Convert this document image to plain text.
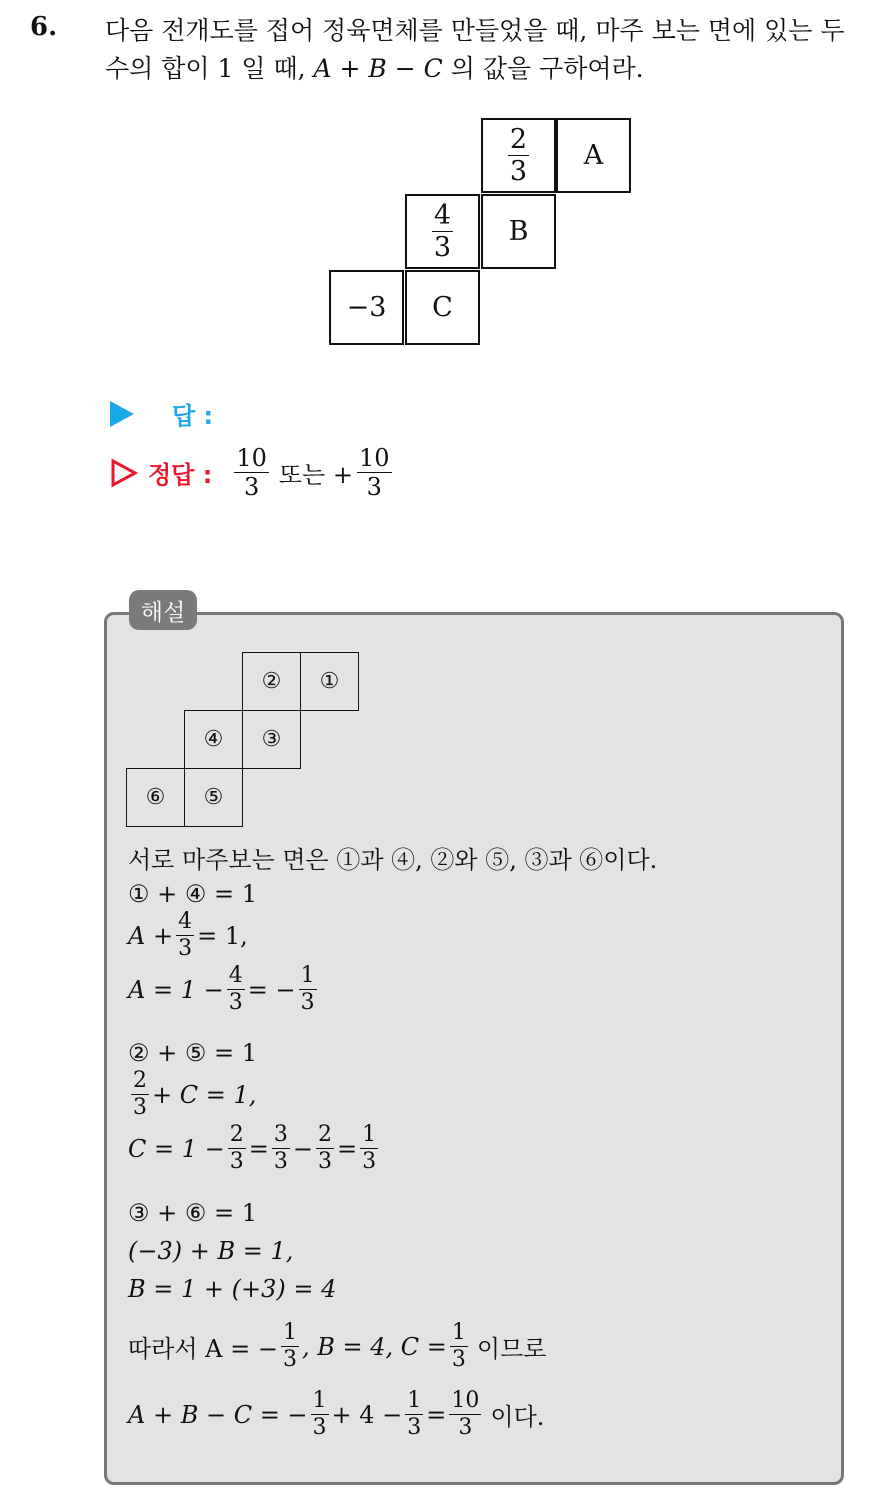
6. 다음 전개도를 접어 정육면체를 만들었을 때, 마주 보는 면에 있는 두
수의 합이 1 일 때, A + B − C 의 값을 구하여라.
$\frac{2}{3}$	A
$\frac{4}{3}$	B
−3	C
답 :
정답 : $\frac{10}{3}$ 또는 + $\frac{10}{3}$
해설
②	①
④	③
⑥	⑤
서로 마주보는 면은 ①과 ④, ②와 ⑤, ③과 ⑥이다.
① + ④ = 1
$A + \frac{4}{3} = 1$,
$A = 1 - \frac{4}{3}$ = − $\frac{1}{3}$
② + ⑤ = 1
$\frac{2}{3} + C = 1$,
$C = 1 - \frac{2}{3} = \frac{3}{3} - \frac{2}{3} = \frac{1}{3}$
③ + ⑥ = 1
(−3) + B = 1,
B = 1 + (+3) = 4
따라서 A = − $\frac{1}{3}$ , B = 4, $C = \frac{1}{3}$ 이므로
A + B − C = − $\frac{1}{3} + 4 - \frac{1}{3} = \frac{10}{3}$ 이다.
